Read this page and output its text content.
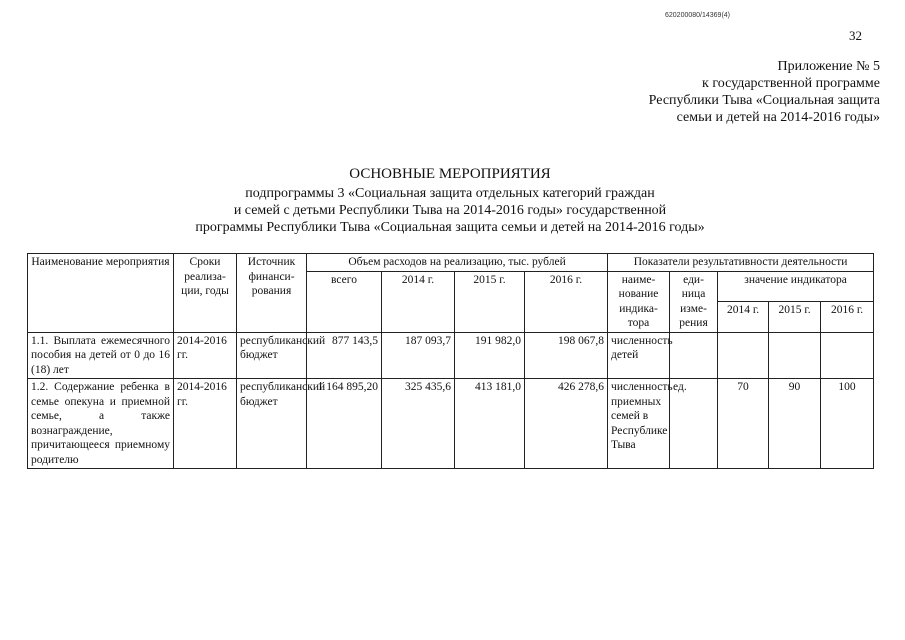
620200080/14369(4)
32
Приложение № 5
к государственной программе
Республики Тыва «Социальная защита
семьи и детей на 2014-2016 годы»
ОСНОВНЫЕ МЕРОПРИЯТИЯ
подпрограммы 3 «Социальная защита отдельных категорий граждан
и семей с детьми Республики Тыва на 2014-2016 годы» государственной
программы Республики Тыва «Социальная защита семьи и детей на 2014-2016 годы»
Наименование мероприятия	Сроки реализа-ции, годы	Источник финанси-рования	Объем расходов на реализацию, тыс. рублей				Показатели результативности деятельности				
			всего	2014 г.	2015 г.	2016 г.	наиме-нование индика-тора	еди-ница изме-рения	значение индикатора		
									2014 г.	2015 г.	2016 г.
1.1. Выплата ежемесячного пособия на детей от 0 до 16 (18) лет	2014-2016 гг.	республиканский бюджет	877 143,5	187 093,7	191 982,0	198 067,8	численность детей				
1.2. Содержание ребенка в семье опекуна и приемной семье, а также вознаграждение, причитающееся приемному родителю	2014-2016 гг.	республиканский бюджет	1 164 895,20	325 435,6	413 181,0	426 278,6	численность приемных семей в Республике Тыва	ед.	70	90	100
